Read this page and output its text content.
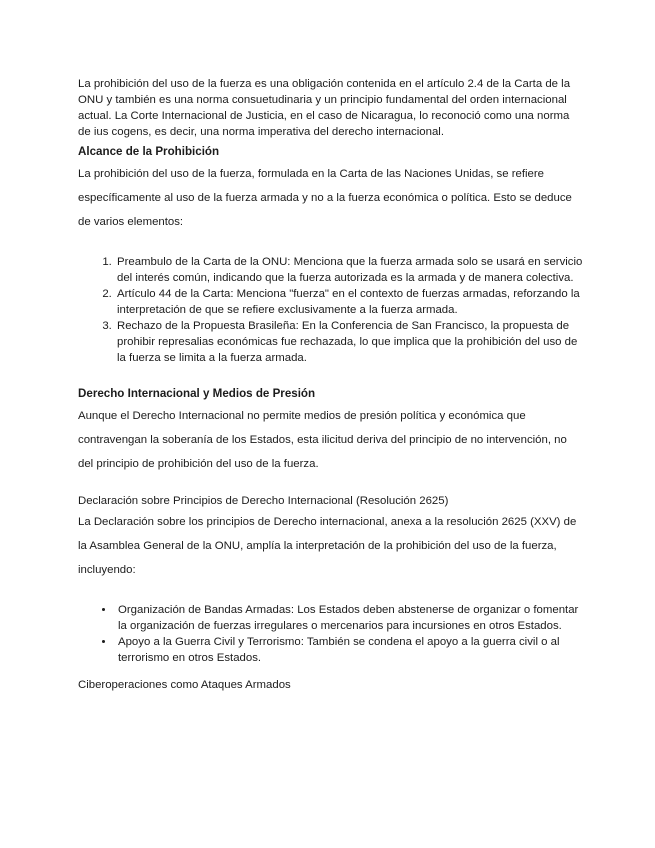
La prohibición del uso de la fuerza es una obligación contenida en el artículo 2.4 de la Carta de la ONU y también es una norma consuetudinaria y un principio fundamental del orden internacional actual. La Corte Internacional de Justicia, en el caso de Nicaragua, lo reconoció como una norma de ius cogens, es decir, una norma imperativa del derecho internacional.

Alcance de la Prohibición

La prohibición del uso de la fuerza, formulada en la Carta de las Naciones Unidas, se refiere específicamente al uso de la fuerza armada y no a la fuerza económica o política. Esto se deduce de varios elementos:

1. Preambulo de la Carta de la ONU: Menciona que la fuerza armada solo se usará en servicio del interés común, indicando que la fuerza autorizada es la armada y de manera colectiva.
2. Artículo 44 de la Carta: Menciona "fuerza" en el contexto de fuerzas armadas, reforzando la interpretación de que se refiere exclusivamente a la fuerza armada.
3. Rechazo de la Propuesta Brasileña: En la Conferencia de San Francisco, la propuesta de prohibir represalias económicas fue rechazada, lo que implica que la prohibición del uso de la fuerza se limita a la fuerza armada.

Derecho Internacional y Medios de Presión

Aunque el Derecho Internacional no permite medios de presión política y económica que contravengan la soberanía de los Estados, esta ilicitud deriva del principio de no intervención, no del principio de prohibición del uso de la fuerza.

Declaración sobre Principios de Derecho Internacional (Resolución 2625)

La Declaración sobre los principios de Derecho internacional, anexa a la resolución 2625 (XXV) de la Asamblea General de la ONU, amplía la interpretación de la prohibición del uso de la fuerza, incluyendo:

• Organización de Bandas Armadas: Los Estados deben abstenerse de organizar o fomentar la organización de fuerzas irregulares o mercenarios para incursiones en otros Estados.
• Apoyo a la Guerra Civil y Terrorismo: También se condena el apoyo a la guerra civil o al terrorismo en otros Estados.

Ciberoperaciones como Ataques Armados
